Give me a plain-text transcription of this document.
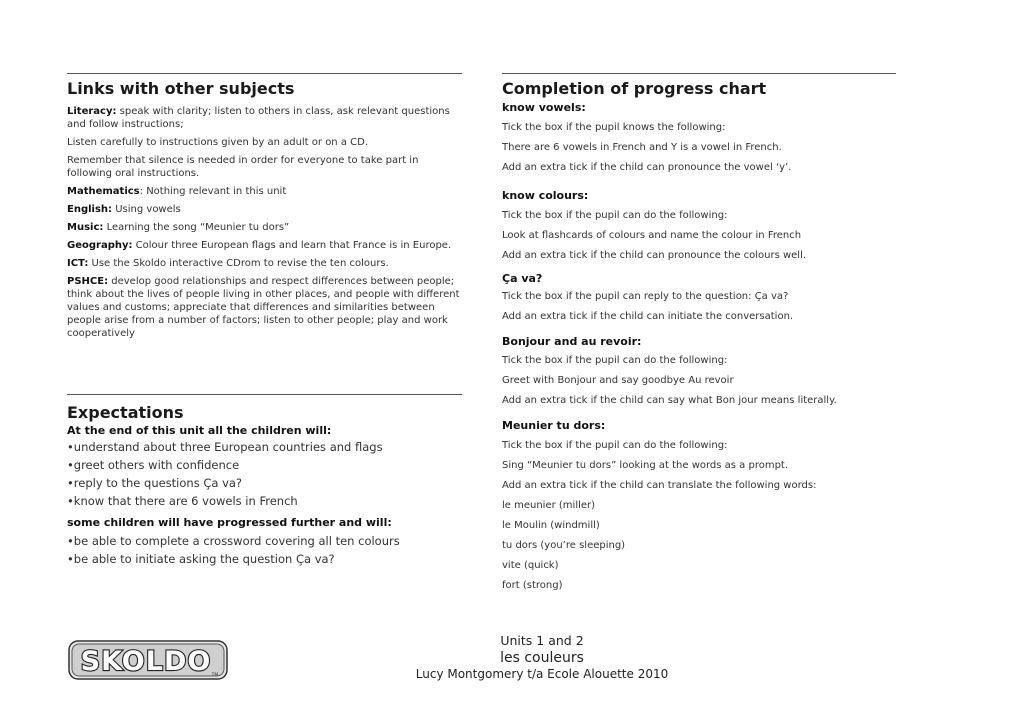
Links with other subjects

Literacy: speak with clarity; listen to others in class, ask relevant questions and follow instructions;

Listen carefully to instructions given by an adult or on a CD.

Remember that silence is needed in order for everyone to take part in following oral instructions.

Mathematics: Nothing relevant in this unit

English: Using vowels

Music: Learning the song “Meunier tu dors”

Geography: Colour three European flags and learn that France is in Europe.

ICT: Use the Skoldo interactive CDrom to revise the ten colours.

PSHCE: develop good relationships and respect differences between people; think about the lives of people living in other places, and people with different values and customs; appreciate that differences and similarities between people arise from a number of factors; listen to other people; play and work cooperatively

Expectations
At the end of this unit all the children will:
•understand about three European countries and flags
•greet others with confidence
•reply to the questions Ça va?
•know that there are 6 vowels in French
some children will have progressed further and will:
•be able to complete a crossword covering all ten colours
•be able to initiate asking the question Ça va?
Completion of progress chart
know vowels:

Tick the box if the pupil knows the following:

There are 6 vowels in French and Y is a vowel in French.

Add an extra tick if the child can pronounce the vowel ‘y’.

know colours:

Tick the box if the pupil can do the following:

Look at flashcards of colours and name the colour in French

Add an extra tick if the child can pronounce the colours well.

Ça va?

Tick the box if the pupil can reply to the question: Ça va?

Add an extra tick if the child can initiate the conversation.

Bonjour and au revoir:

Tick the box if the pupil can do the following:

Greet with Bonjour and say goodbye Au revoir

Add an extra tick if the child can say what Bon jour means literally.

Meunier tu dors:

Tick the box if the pupil can do the following:

Sing “Meunier tu dors” looking at the words as a prompt.

Add an extra tick if the child can translate the following words:

le meunier (miller)

le Moulin (windmill)

tu dors (you’re sleeping)

vite (quick)

fort (strong)

SKOLDO TM
Units 1 and 2
les couleurs
Lucy Montgomery t/a Ecole Alouette 2010
